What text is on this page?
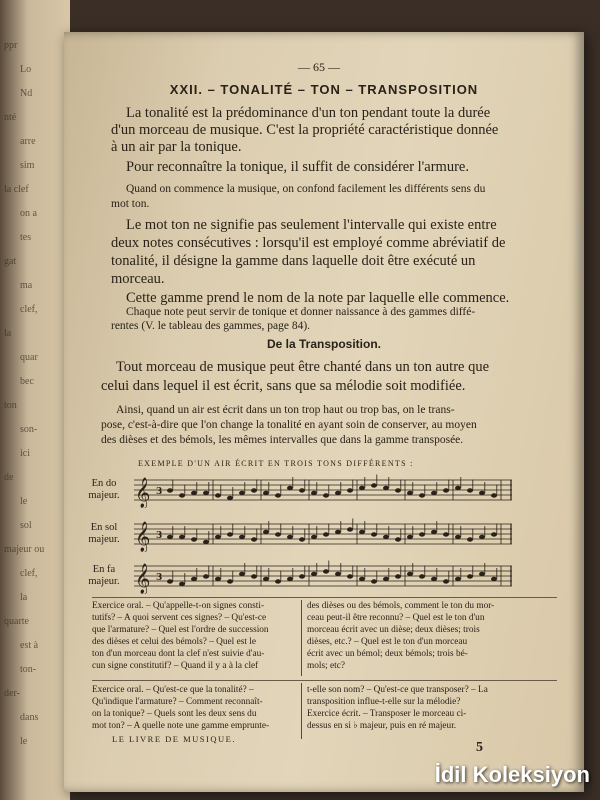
ppr
Lo
Nd
nté
arre
sim
la clef
on a
tes
gat
ma
clef,
la
quar
bec
ton
son-
ici
de
le
sol
majeur ou
clef,
la
quarte
est à
ton-
der-
dans
le
— 65 —
XXII. – TONALITÉ – TON – TRANSPOSITION
La tonalité est la prédominance d'un ton pendant toute la durée
d'un morceau de musique. C'est la propriété caractéristique donnée
à un air par la tonique.
Pour reconnaître la tonique, il suffit de considérer l'armure.
Quand on commence la musique, on confond facilement les différents sens du
mot ton.
Le mot ton ne signifie pas seulement l'intervalle qui existe entre
deux notes consécutives : lorsqu'il est employé comme abréviatif de
tonalité, il désigne la gamme dans laquelle doit être exécuté un
morceau.
Cette gamme prend le nom de la note par laquelle elle commence.
Chaque note peut servir de tonique et donner naissance à des gammes diffé-
rentes (V. le tableau des gammes, page 84).
De la Transposition.
Tout morceau de musique peut être chanté dans un ton autre que
celui dans lequel il est écrit, sans que sa mélodie soit modifiée.
Ainsi, quand un air est écrit dans un ton trop haut ou trop bas, on le trans-
pose, c'est-à-dire que l'on change la tonalité en ayant soin de conserver, au moyen
des dièses et des bémols, les mêmes intervalles que dans la gamme transposée.
EXEMPLE D'UN AIR ÉCRIT EN TROIS TONS DIFFÉRENTS :
En do
majeur.
En sol
majeur.
En fa
majeur.
𝄞 3
𝄞 3
𝄞 3
Exercice oral. – Qu'appelle-t-on signes consti-
tutifs? – A quoi servent ces signes? – Qu'est-ce
que l'armature? – Quel est l'ordre de succession
des dièses et celui des bémols? – Quel est le
ton d'un morceau dont la clef n'est suivie d'au-
cun signe constitutif? – Quand il y a à la clef
des dièses ou des bémols, comment le ton du mor-
ceau peut-il être reconnu? – Quel est le ton d'un
morceau écrit avec un dièse; deux dièses; trois
dièses, etc.? – Quel est le ton d'un morceau
écrit avec un bémol; deux bémols; trois bé-
mols; etc?
Exercice oral. – Qu'est-ce que la tonalité? –
Qu'indique l'armature? – Comment reconnaît-
on la tonique? – Quels sont les deux sens du
mot ton? – A quelle note une gamme emprunte-
t-elle son nom? – Qu'est-ce que transposer? – La
transposition influe-t-elle sur la mélodie?
Exercice écrit. – Transposer le morceau ci-
dessus en si ♭ majeur, puis en ré majeur.
LE LIVRE DE MUSIQUE.
5
İdil Koleksiyon
